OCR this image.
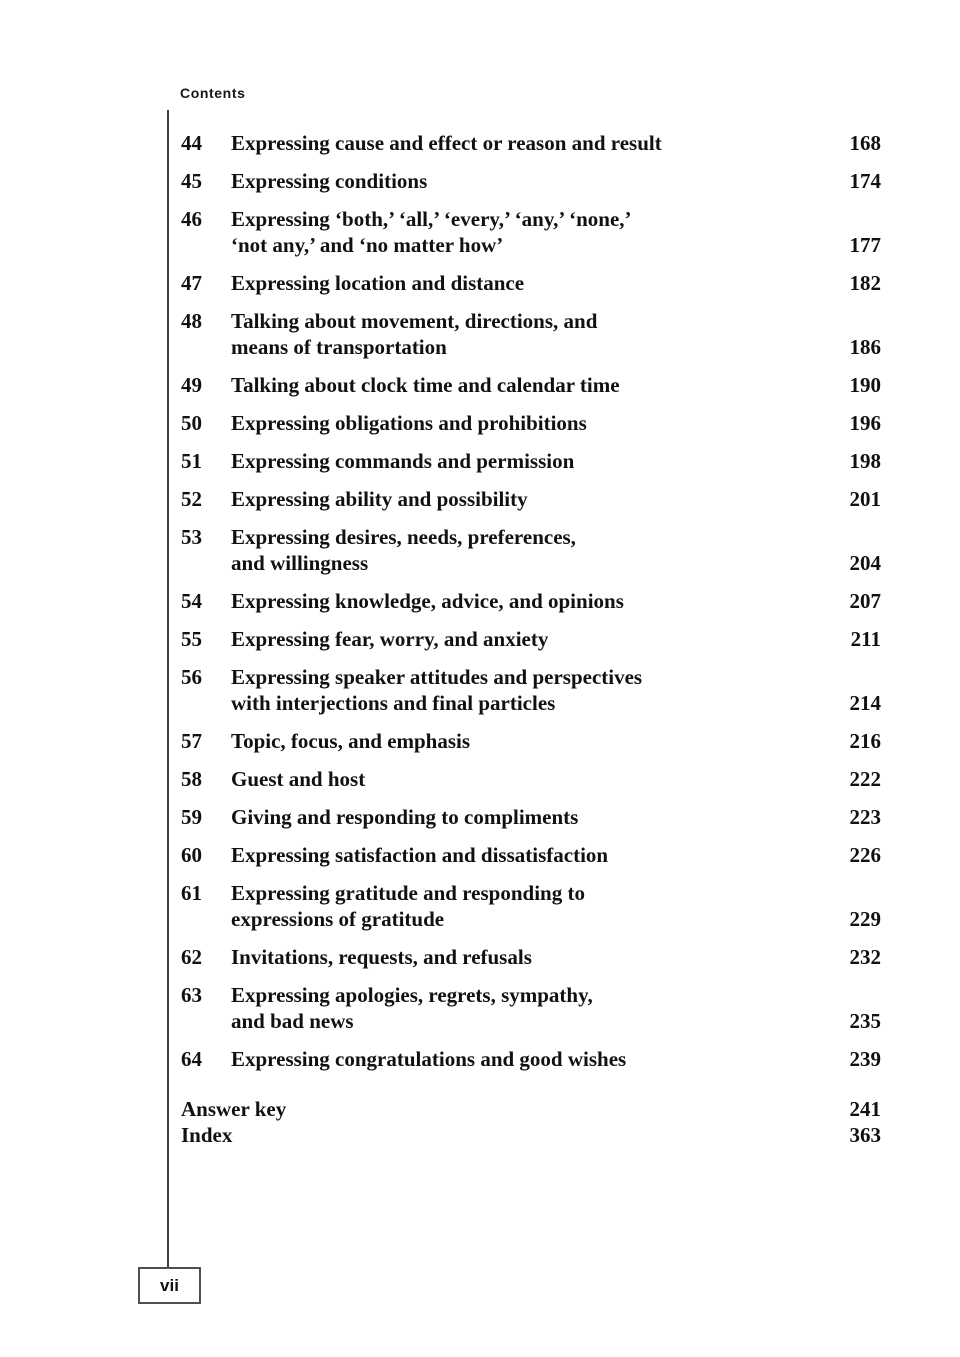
Contents
44	Expressing cause and effect or reason and result	168
45	Expressing conditions	174
46	Expressing ‘both,’ ‘all,’ ‘every,’ ‘any,’ ‘none,’
‘not any,’ and ‘no matter how’	177
47	Expressing location and distance	182
48	Talking about movement, directions, and
means of transportation	186
49	Talking about clock time and calendar time	190
50	Expressing obligations and prohibitions	196
51	Expressing commands and permission	198
52	Expressing ability and possibility	201
53	Expressing desires, needs, preferences,
and willingness	204
54	Expressing knowledge, advice, and opinions	207
55	Expressing fear, worry, and anxiety	211
56	Expressing speaker attitudes and perspectives
with interjections and final particles	214
57	Topic, focus, and emphasis	216
58	Guest and host	222
59	Giving and responding to compliments	223
60	Expressing satisfaction and dissatisfaction	226
61	Expressing gratitude and responding to
expressions of gratitude	229
62	Invitations, requests, and refusals	232
63	Expressing apologies, regrets, sympathy,
and bad news	235
64	Expressing congratulations and good wishes	239
Answer key	241
Index	363
vii
